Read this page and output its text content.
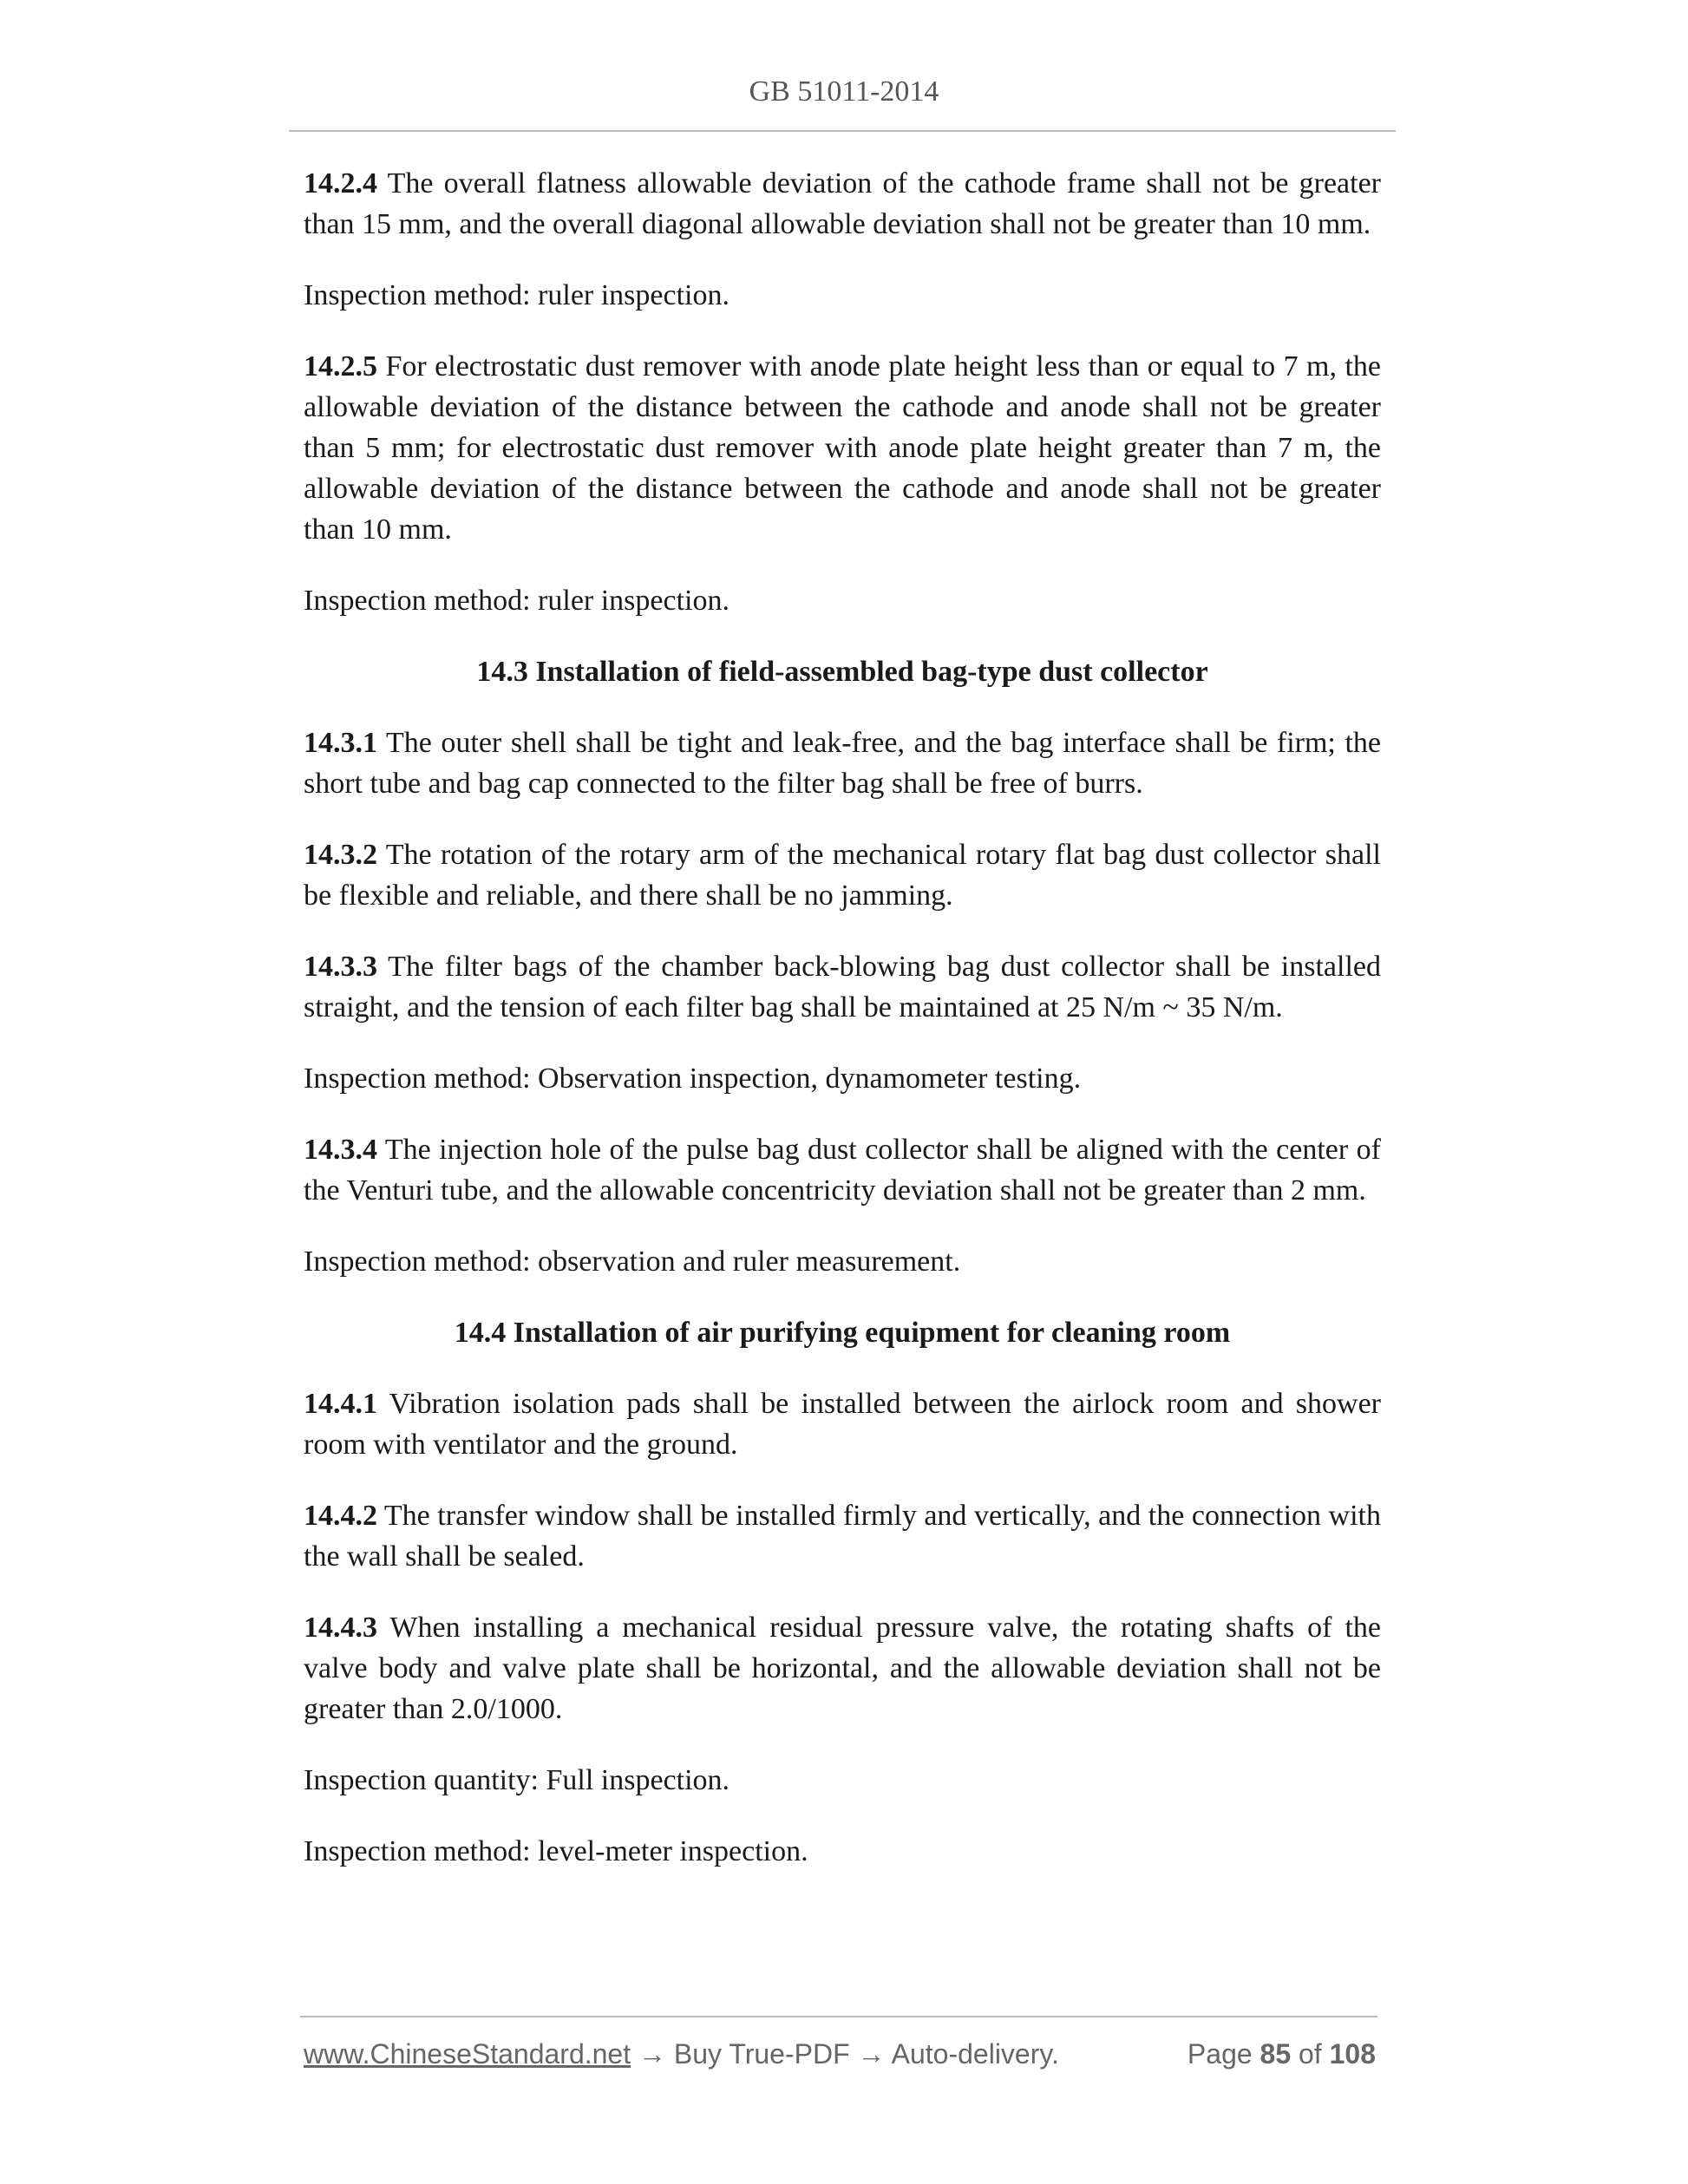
GB 51011-2014

14.2.4 The overall flatness allowable deviation of the cathode frame shall not be greater than 15 mm, and the overall diagonal allowable deviation shall not be greater than 10 mm.

Inspection method: ruler inspection.

14.2.5 For electrostatic dust remover with anode plate height less than or equal to 7 m, the allowable deviation of the distance between the cathode and anode shall not be greater than 5 mm; for electrostatic dust remover with anode plate height greater than 7 m, the allowable deviation of the distance between the cathode and anode shall not be greater than 10 mm.

Inspection method: ruler inspection.

14.3 Installation of field-assembled bag-type dust collector

14.3.1 The outer shell shall be tight and leak-free, and the bag interface shall be firm; the short tube and bag cap connected to the filter bag shall be free of burrs.

14.3.2 The rotation of the rotary arm of the mechanical rotary flat bag dust collector shall be flexible and reliable, and there shall be no jamming.

14.3.3 The filter bags of the chamber back-blowing bag dust collector shall be installed straight, and the tension of each filter bag shall be maintained at 25 N/m ~ 35 N/m.

Inspection method: Observation inspection, dynamometer testing.

14.3.4 The injection hole of the pulse bag dust collector shall be aligned with the center of the Venturi tube, and the allowable concentricity deviation shall not be greater than 2 mm.

Inspection method: observation and ruler measurement.

14.4 Installation of air purifying equipment for cleaning room

14.4.1 Vibration isolation pads shall be installed between the airlock room and shower room with ventilator and the ground.

14.4.2 The transfer window shall be installed firmly and vertically, and the connection with the wall shall be sealed.

14.4.3 When installing a mechanical residual pressure valve, the rotating shafts of the valve body and valve plate shall be horizontal, and the allowable deviation shall not be greater than 2.0/1000.

Inspection quantity: Full inspection.

Inspection method: level-meter inspection.

www.ChineseStandard.net → Buy True-PDF → Auto-delivery.	Page 85 of 108
